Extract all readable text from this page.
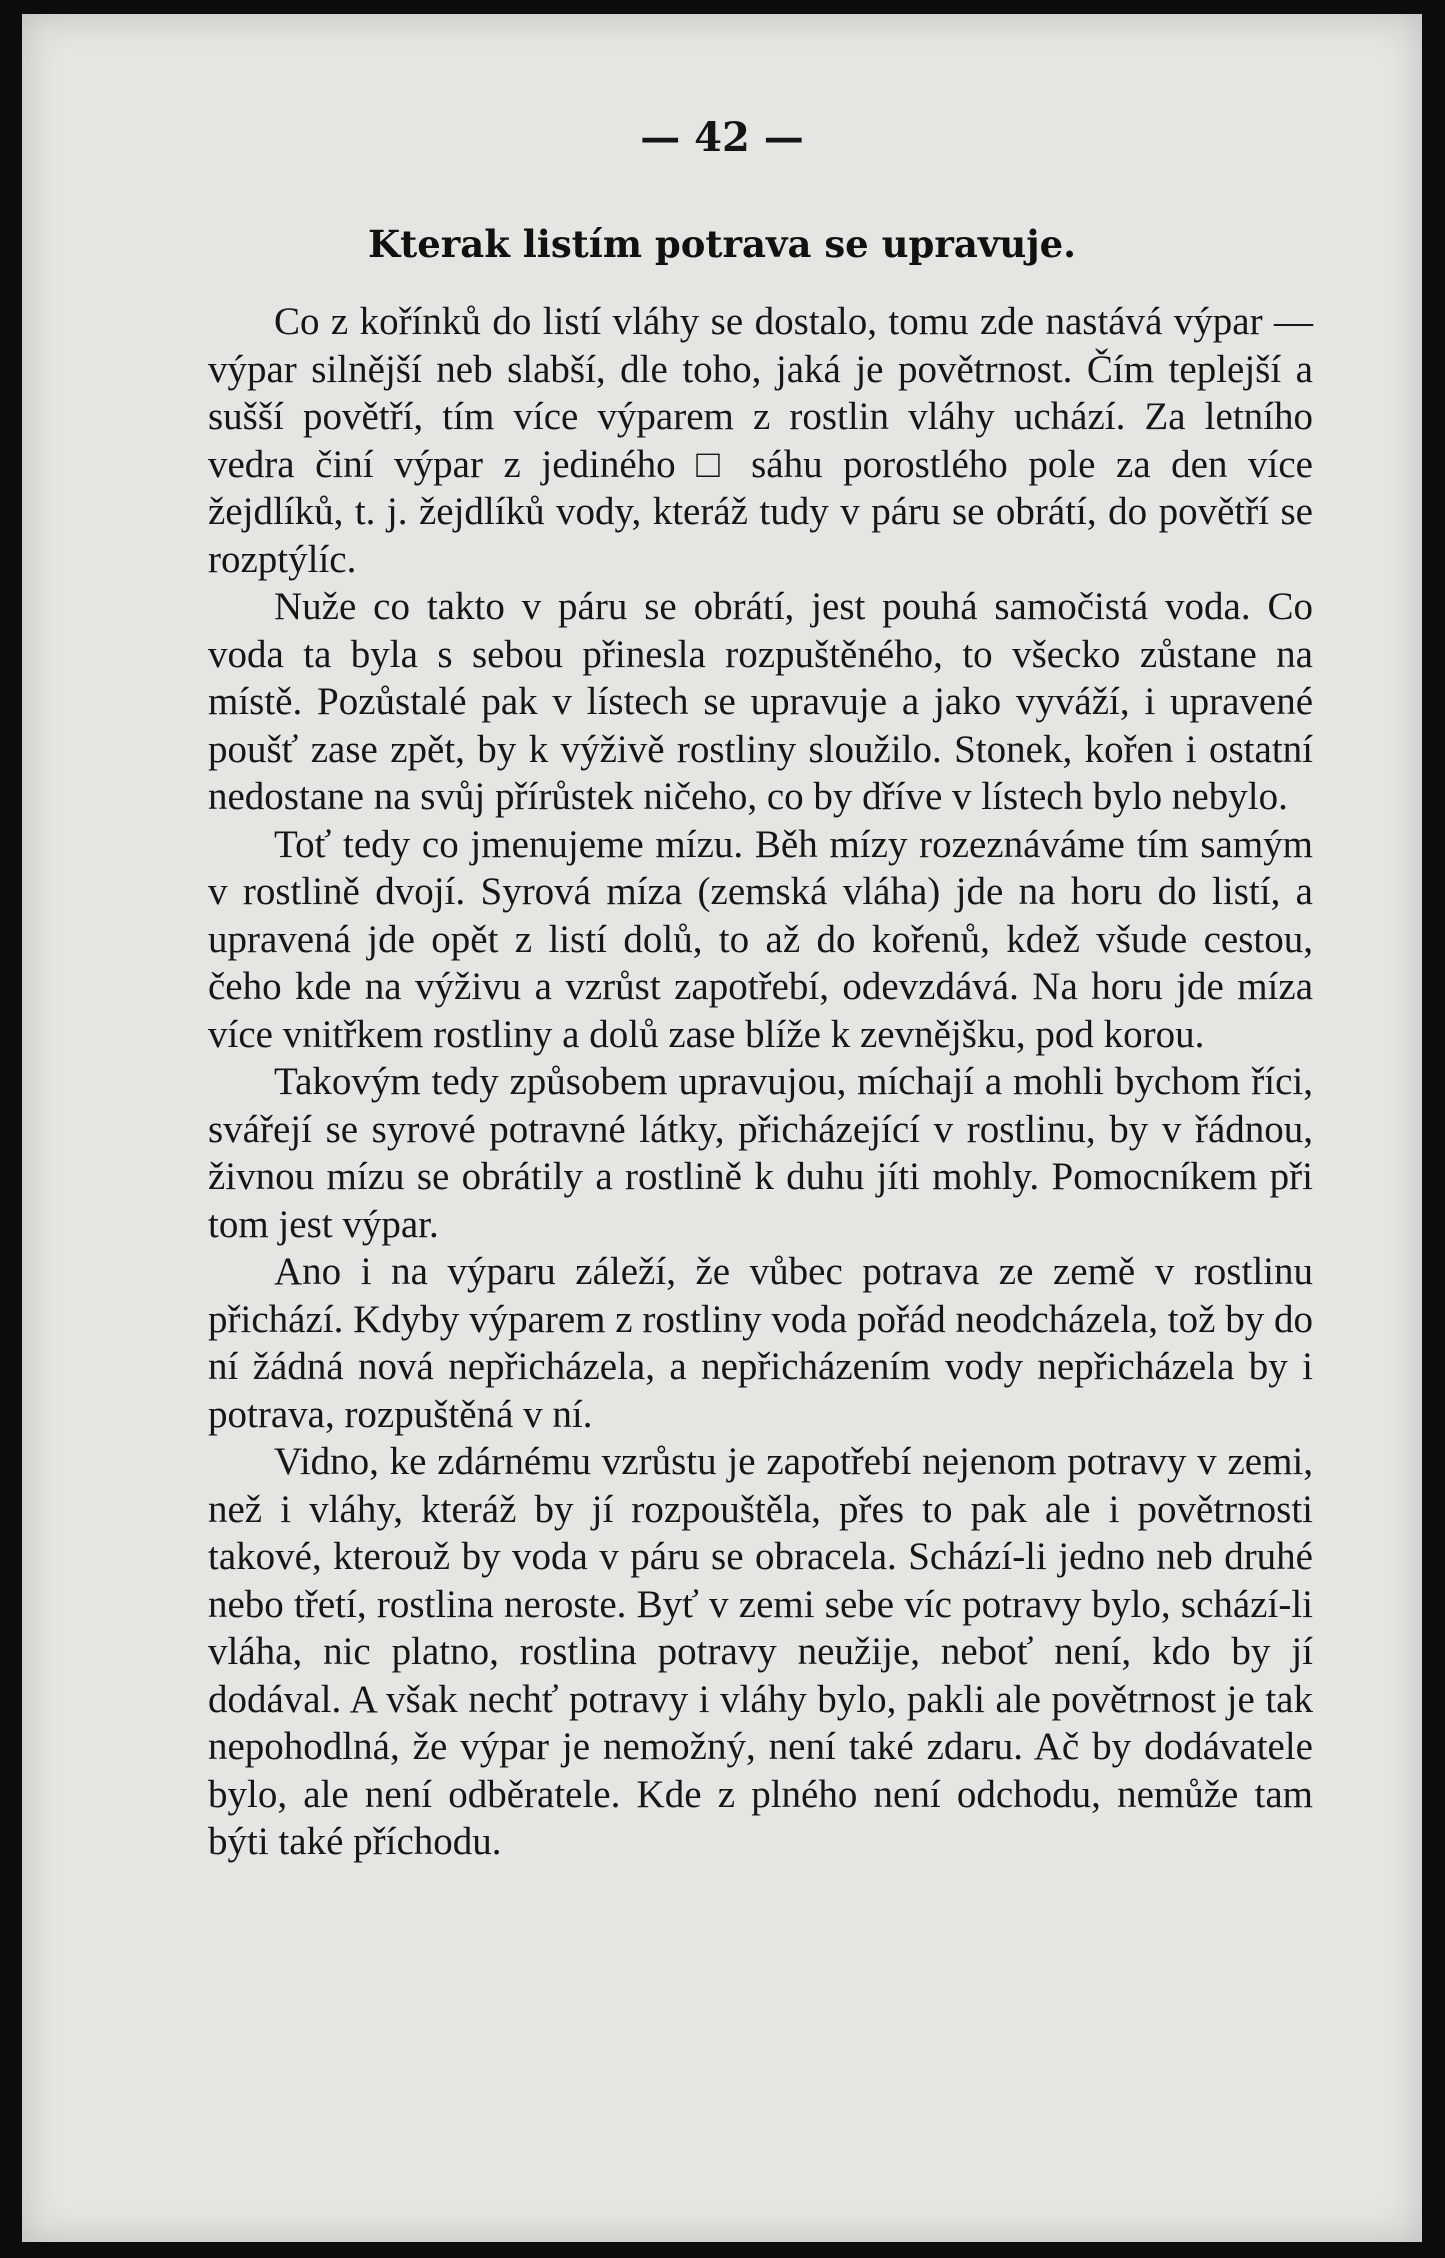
— 42 —
Kterak listím potrava se upravuje.

Co z kořínků do listí vláhy se dostalo, tomu zde nastává výpar — výpar silnější neb slabší, dle toho, jaká je povětrnost. Čím teplejší a sušší povětří, tím více výparem z rostlin vláhy uchází. Za letního vedra činí výpar z jediného □ sáhu porostlého pole za den více žejdlíků, t. j. žejdlíků vody, kteráž tudy v páru se obrátí, do povětří se rozptýlíc.

Nuže co takto v páru se obrátí, jest pouhá samočistá voda. Co voda ta byla s sebou přinesla rozpuštěného, to všecko zůstane na místě. Pozůstalé pak v lístech se upravuje a jako vyváží, i upravené poušť zase zpět, by k výživě rostliny sloužilo. Stonek, kořen i ostatní nedostane na svůj přírůstek ničeho, co by dříve v lístech bylo nebylo.

Toť tedy co jmenujeme mízu. Běh mízy rozeznáváme tím samým v rostlině dvojí. Syrová míza (zemská vláha) jde na horu do listí, a upravená jde opět z listí dolů, to až do kořenů, kdež všude cestou, čeho kde na výživu a vzrůst zapotřebí, odevzdává. Na horu jde míza více vnitřkem rostliny a dolů zase blíže k zevnějšku, pod korou.

Takovým tedy způsobem upravujou, míchají a mohli bychom říci, svářejí se syrové potravné látky, přicházející v rostlinu, by v řádnou, živnou mízu se obrátily a rostlině k duhu jíti mohly. Pomocníkem při tom jest výpar.

Ano i na výparu záleží, že vůbec potrava ze země v rostlinu přichází. Kdyby výparem z rostliny voda pořád neodcházela, tož by do ní žádná nová nepřicházela, a nepřicházením vody nepřicházela by i potrava, rozpuštěná v ní.

Vidno, ke zdárnému vzrůstu je zapotřebí nejenom potravy v zemi, než i vláhy, kteráž by jí rozpouštěla, přes to pak ale i povětrnosti takové, kterouž by voda v páru se obracela. Schází-li jedno neb druhé nebo třetí, rostlina neroste. Byť v zemi sebe víc potravy bylo, schází-li vláha, nic platno, rostlina potravy neužije, neboť není, kdo by jí dodával. A však nechť potravy i vláhy bylo, pakli ale povětrnost je tak nepohodlná, že výpar je nemožný, není také zdaru. Ač by dodávatele bylo, ale není odběratele. Kde z plného není odchodu, nemůže tam býti také příchodu.
